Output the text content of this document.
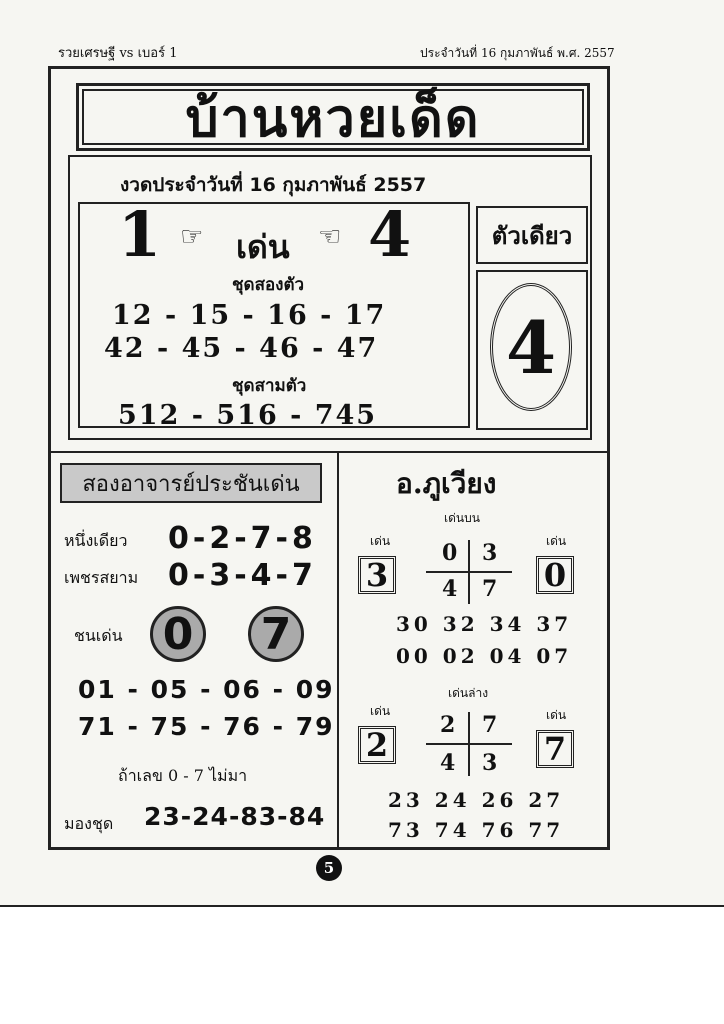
รวยเศรษฐี vs เบอร์ 1	ประจำวันที่ 16 กุมภาพันธ์ พ.ศ. 2557
บ้านหวยเด็ด
งวดประจำวันที่ 16 กุมภาพันธ์ 2557
1 ☞ เด่น ☜ 4
ชุดสองตัว
12 - 15 - 16 - 17
42 - 45 - 46 - 47
ชุดสามตัว
512 - 516 - 745
ตัวเดียว
4
สองอาจารย์ประชันเด่น
หนึ่งเดียว 0-2-7-8
เพชรสยาม 0-3-4-7
ชนเด่น 0 7
01 - 05 - 06 - 09
71 - 75 - 76 - 79
ถ้าเลข 0 - 7 ไม่มา
มองชุด 23-24-83-84
อ.ภูเวียง
เด่นบน
เด่น
3
เด่น
0
0 3
4 7
30 32 34 37
00 02 04 07
เด่นล่าง
เด่น
2
เด่น
7
2 7
4 3
23 24 26 27
73 74 76 77
5
